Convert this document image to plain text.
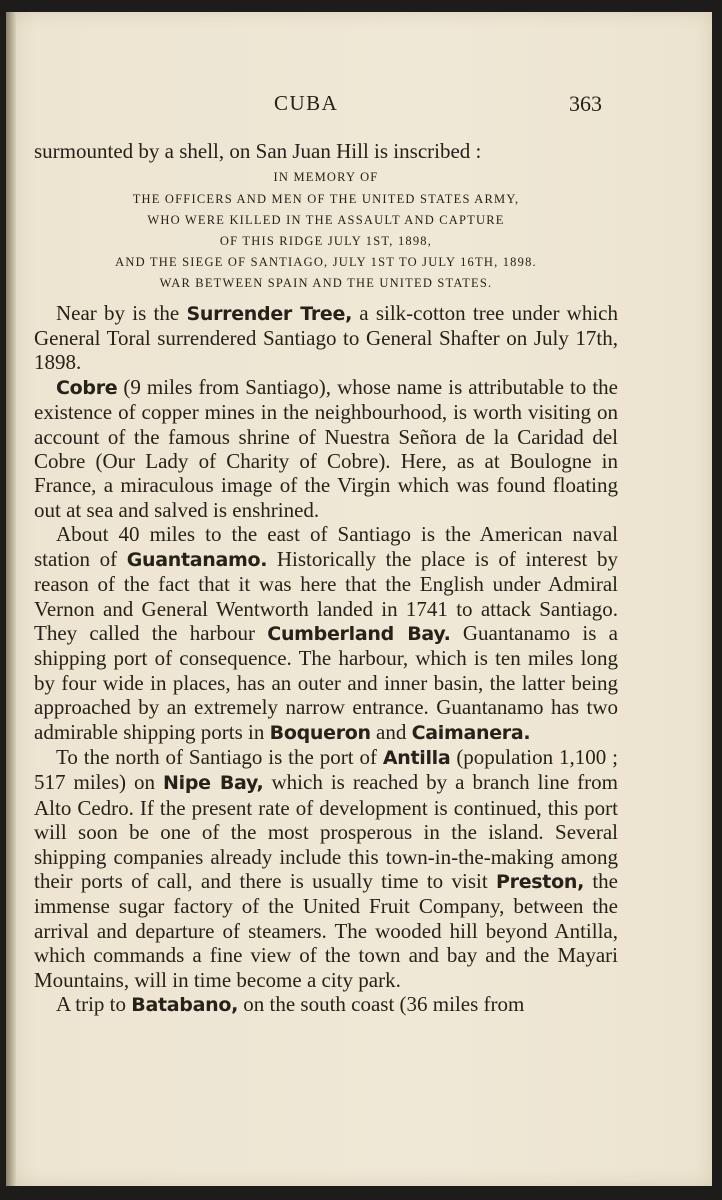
CUBA	363

surmounted by a shell, on San Juan Hill is inscribed :

IN MEMORY OF
THE OFFICERS AND MEN OF THE UNITED STATES ARMY,
WHO WERE KILLED IN THE ASSAULT AND CAPTURE
OF THIS RIDGE JULY 1ST, 1898,
AND THE SIEGE OF SANTIAGO, JULY 1ST TO JULY 16TH, 1898.
WAR BETWEEN SPAIN AND THE UNITED STATES.

Near by is the Surrender Tree, a silk-cotton tree under which General Toral surrendered Santiago to General Shafter on July 17th, 1898.

Cobre (9 miles from Santiago), whose name is attributable to the existence of copper mines in the neighbourhood, is worth visiting on account of the famous shrine of Nuestra Señora de la Caridad del Cobre (Our Lady of Charity of Cobre). Here, as at Boulogne in France, a miraculous image of the Virgin which was found floating out at sea and salved is enshrined.

About 40 miles to the east of Santiago is the American naval station of Guantanamo. Historically the place is of interest by reason of the fact that it was here that the English under Admiral Vernon and General Wentworth landed in 1741 to attack Santiago. They called the harbour Cumberland Bay. Guantanamo is a shipping port of consequence. The harbour, which is ten miles long by four wide in places, has an outer and inner basin, the latter being approached by an extremely narrow entrance. Guantanamo has two admirable shipping ports in Boqueron and Caimanera.

To the north of Santiago is the port of Antilla (population 1,100 ; 517 miles) on Nipe Bay, which is reached by a branch line from Alto Cedro. If the present rate of development is continued, this port will soon be one of the most prosperous in the island. Several shipping companies already include this town-in-the-making among their ports of call, and there is usually time to visit Preston, the immense sugar factory of the United Fruit Company, between the arrival and departure of steamers. The wooded hill beyond Antilla, which commands a fine view of the town and bay and the Mayari Mountains, will in time become a city park.

A trip to Batabano, on the south coast (36 miles from
